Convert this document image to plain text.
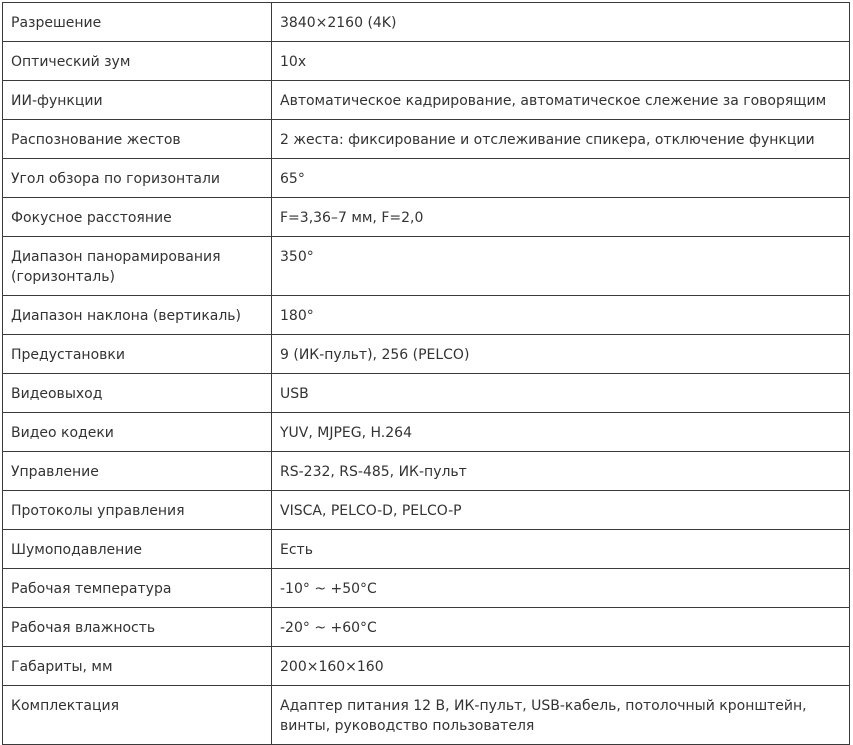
Разрешение	3840×2160 (4K)
Оптический зум	10x
ИИ-функции	Автоматическое кадрирование, автоматическое слежение за говорящим
Распознование жестов	2 жеста: фиксирование и отслеживание спикера, отключение функции
Угол обзора по горизонтали	65°
Фокусное расстояние	F=3,36–7 мм, F=2,0
Диапазон панорамирования (горизонталь)	350°
Диапазон наклона (вертикаль)	180°
Предустановки	9 (ИК-пульт), 256 (PELCO)
Видеовыход	USB
Видео кодеки	YUV, MJPEG, H.264
Управление	RS-232, RS-485, ИК-пульт
Протоколы управления	VISCA, PELCO-D, PELCO-P
Шумоподавление	Есть
Рабочая температура	-10° ~ +50°C
Рабочая влажность	-20° ~ +60°C
Габариты, мм	200×160×160
Комплектация	Адаптер питания 12 В, ИК-пульт, USB-кабель, потолочный кронштейн, винты, руководство пользователя
